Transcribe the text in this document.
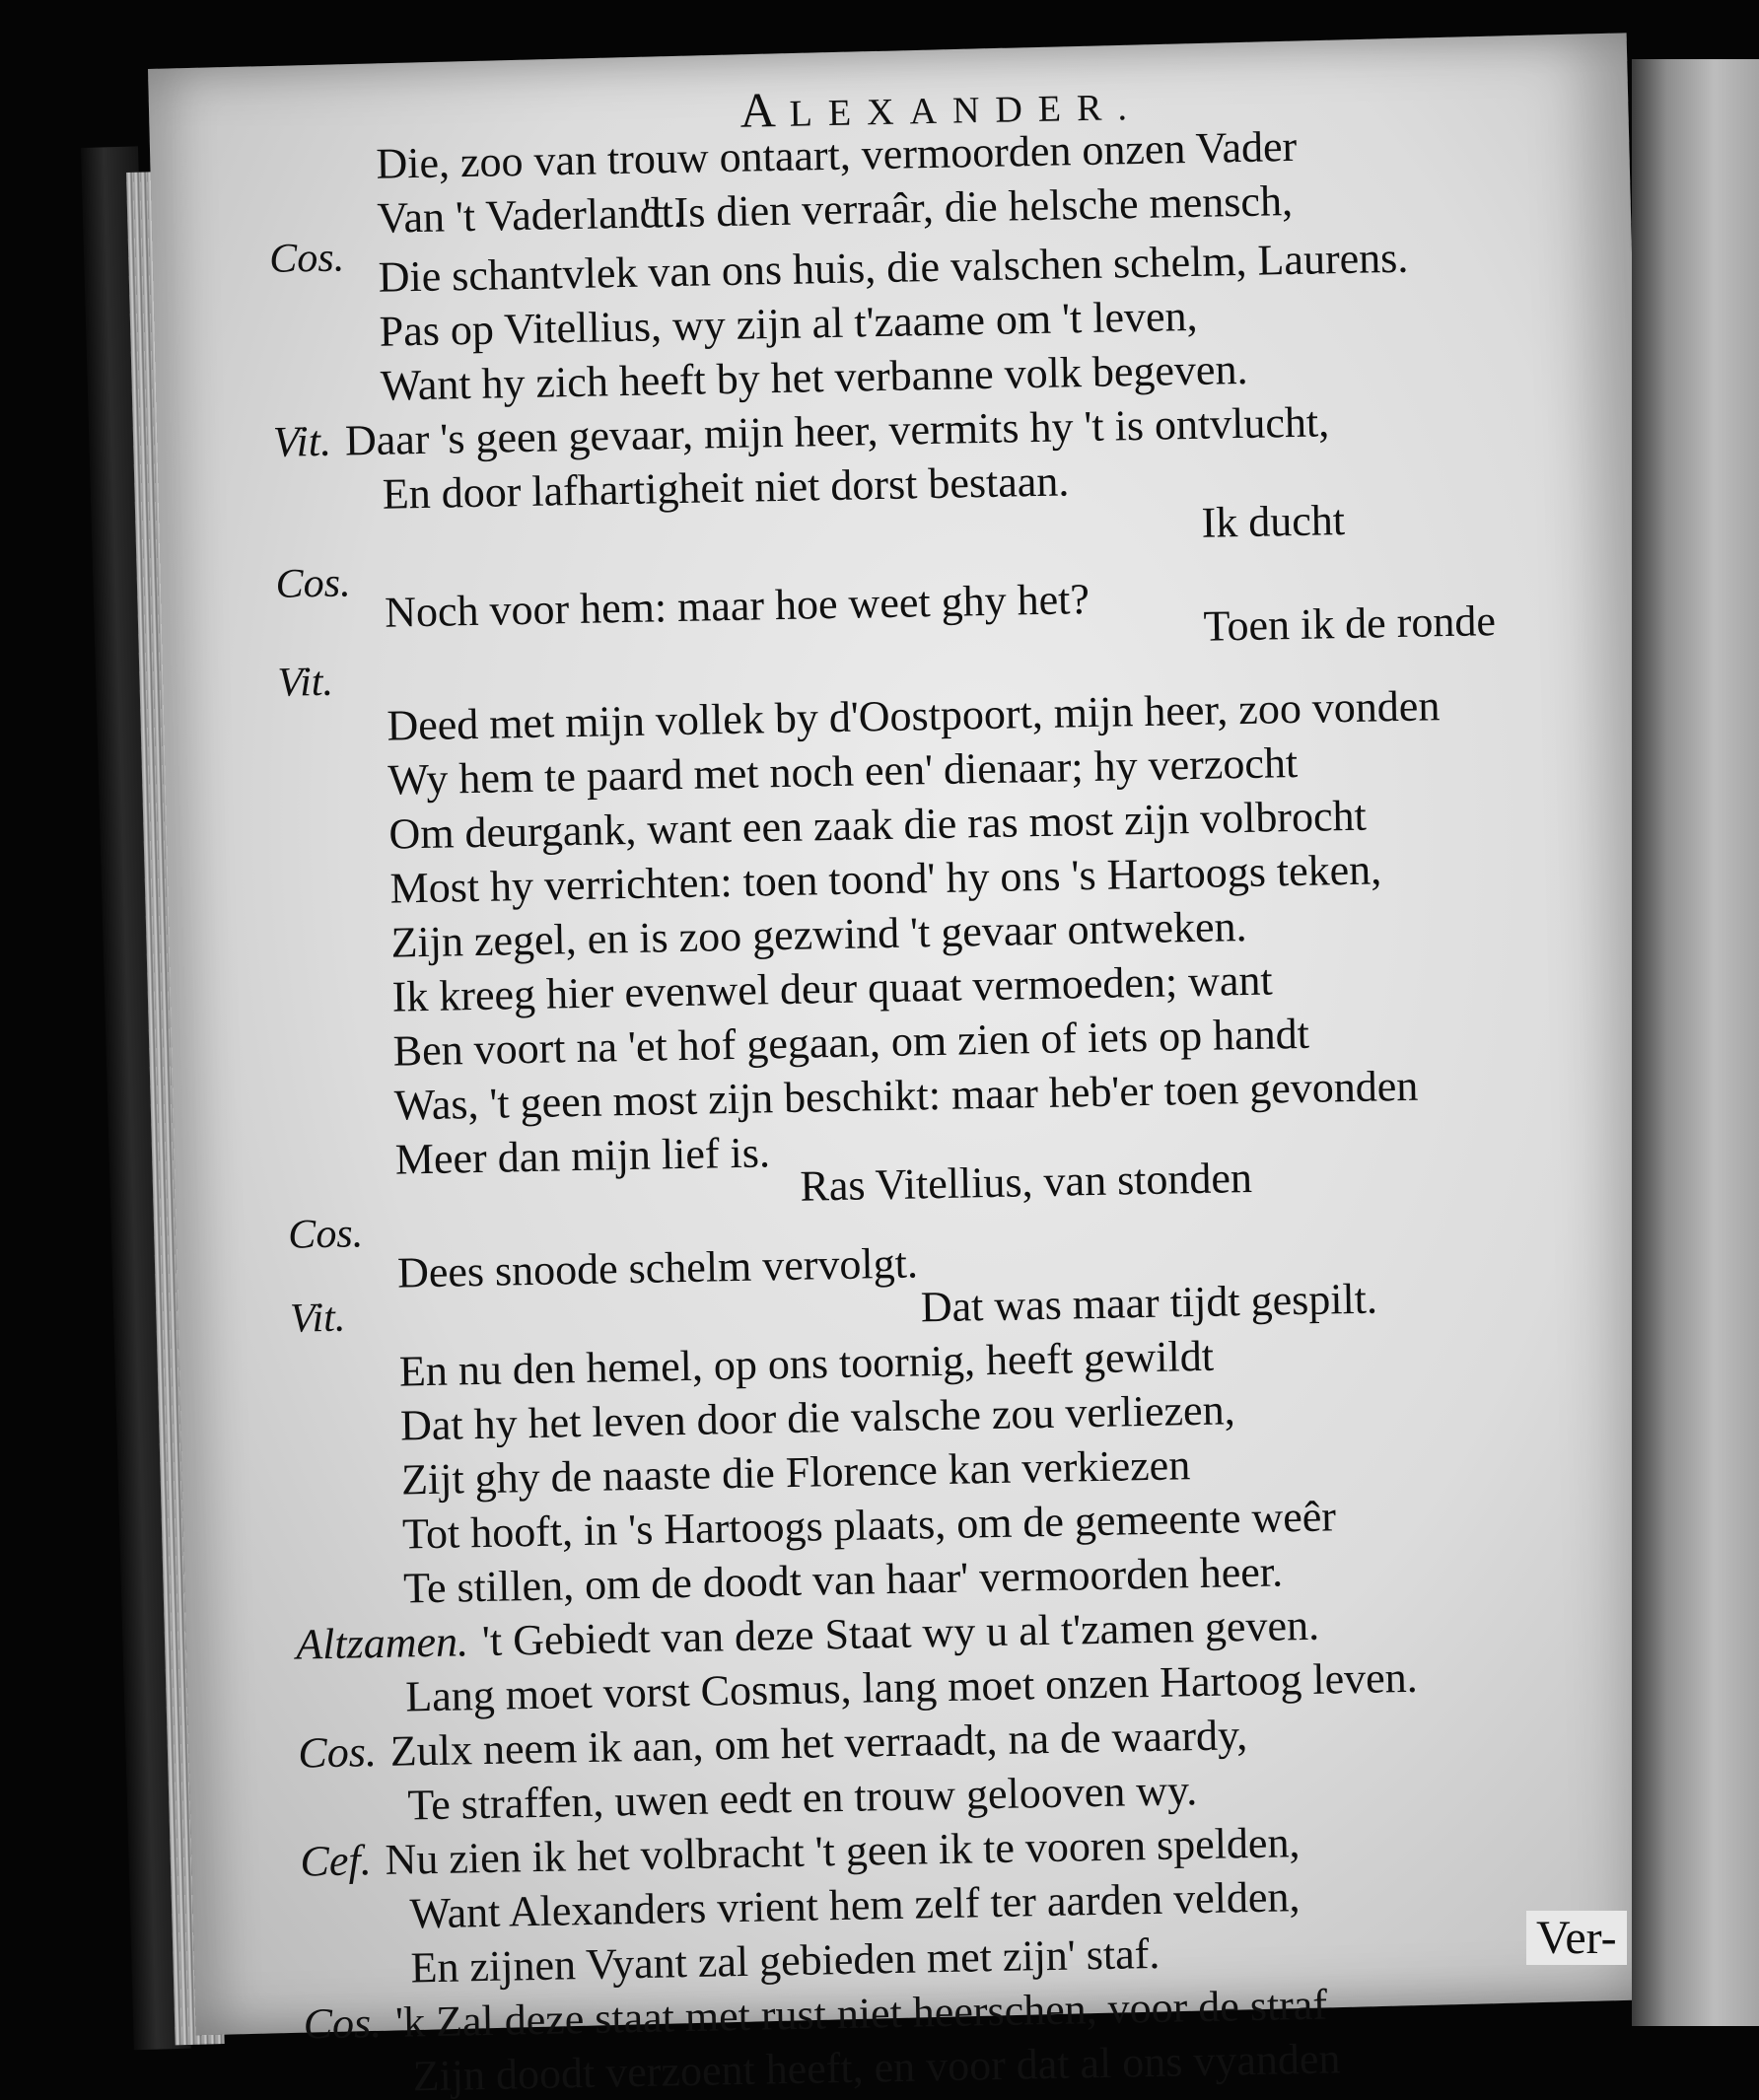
ALEXANDER.
Die, zoo van trouw ontaart, vermoorden onzen Vader
Van 't Vaderlandt.
't Is dien verraâr, die helsche mensch,
Cos. Die schantvlek van ons huis, die valschen schelm, Laurens.
Pas op Vitellius, wy zijn al t'zaame om 't leven,
Want hy zich heeft by het verbanne volk begeven.
Vit. Daar 's geen gevaar, mijn heer, vermits hy 't is ontvlucht,
En door lafhartigheit niet dorst bestaan.
Ik ducht
Cos. Noch voor hem: maar hoe weet ghy het?	Toen ik de ronde
Vit. Deed met mijn vollek by d'Oostpoort, mijn heer, zoo vonden
Wy hem te paard met noch een' dienaar; hy verzocht
Om deurgank, want een zaak die ras most zijn volbrocht
Most hy verrichten: toen toond' hy ons 's Hartoogs teken,
Zijn zegel, en is zoo gezwind 't gevaar ontweken.
Ik kreeg hier evenwel deur quaat vermoeden; want
Ben voort na 'et hof gegaan, om zien of iets op handt
Was, 't geen most zijn beschikt: maar heb'er toen gevonden
Meer dan mijn lief is. Ras Vitellius, van stonden
Cos.
Dees snoode schelm vervolgt.
Vit.	Dat was maar tijdt gespilt.
En nu den hemel, op ons toornig, heeft gewildt
Dat hy het leven door die valsche zou verliezen,
Zijt ghy de naaste die Florence kan verkiezen
Tot hooft, in 's Hartoogs plaats, om de gemeente weêr
Te stillen, om de doodt van haar' vermoorden heer.
Altzamen. 't Gebiedt van deze Staat wy u al t'zamen geven.
Lang moet vorst Cosmus, lang moet onzen Hartoog leven.
Cos. Zulx neem ik aan, om het verraadt, na de waardy,
Te straffen, uwen eedt en trouw gelooven wy.
Cef. Nu zien ik het volbracht 't geen ik te vooren spelden,
Want Alexanders vrient hem zelf ter aarden velden,
En zijnen Vyant zal gebieden met zijn' staf.
Cos. 'k Zal deze staat met rust niet heerschen, voor de straf
Zijn doodt verzoent heeft, en voor dat al ons vyanden
Ver-
